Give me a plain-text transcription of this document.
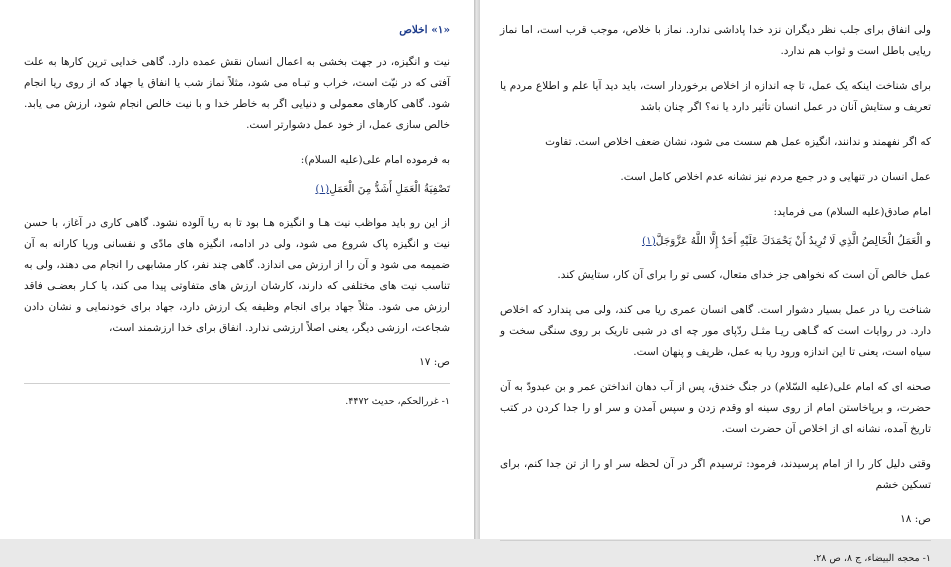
«۱» اخلاص

نیت و انگیزه، در جهت بخشی به اعمال انسان نقش عمده دارد. گاهی خدایی ترین کارها به علت آفتی که در نیّت است، خراب و تبـاه می شود، مثلاً نماز شب یا انفاق یا جهاد که از روی ریا انجام شود. گاهی کارهای معمولی و دنیایی اگر به خاطر خدا و با نیت خالص انجام شود، ارزش می یابد. خالص سازی عمل، از خود عمل دشوارتر است.

به فرموده امام علی(علیه السلام):

تَصْفِيَةُ الْعَمَلِ أَشَدُّ مِنَ الْعَمَلِ(۱)

از این رو باید مواظب نیت هـا و انگیزه هـا بود تا به ریا آلوده نشود. گاهی کاری در آغاز، با حسن نیت و انگیزه پاک شروع می شود، ولی در ادامه، انگیزه های مادّی و نفسانی وریا کارانه به آن ضمیمه می شود و آن را از ارزش می اندازد. گاهی چند نفر، کار مشابهی را انجام می دهند، ولی به تناسب نیت های مختلفی که دارند، کارشان ارزش های متفاوتی پیدا می کند، یا کـار بعضـی فاقد ارزش می شود. مثلاً جهاد برای انجام وظیفه یک ارزش دارد، جهاد برای خودنمایی و نشان دادن شجاعت، ارزشی دیگر، یعنی اصلاً ارزشی ندارد. انفاق برای خدا ارزشمند است،

ص: ۱۷
۱- غررالحکم، حدیث ۴۴۷۲.

ولی انفاق برای جلب نظر دیگران نزد خدا پاداشی ندارد. نماز با خلاص، موجب قرب است، اما نماز ریایی باطل است و ثواب هم ندارد.

برای شناخت اینکه یک عمل، تا چه اندازه از اخلاص برخوردار است، باید دید آیا علم و اطلاع مردم یا تعریف و ستایش آنان در عمل انسان تأثیر دارد یا نه؟ اگر چنان باشد

که اگر نفهمند و ندانند، انگیزه عمل هم سست می شود، نشان ضعف اخلاص است. تفاوت

عمل انسان در تنهایی و در جمع مردم نیز نشانه عدم اخلاص کامل است.

امام صادق(علیه السلام) می فرماید:

و الْعَمَلُ الْخَالِصُ الَّذِي لَا تُرِيدُ أَنْ يَحْمَدَكَ عَلَيْهِ أَحَدٌ إِلَّا اللَّهُ عَزَّوَجَلَّ(۱)

عمل خالص آن است که نخواهی جز خدای متعال، کسی تو را برای آن کار، ستایش کند.

شناخت ریا در عمل بسیار دشوار است. گاهی انسان عمری ریا می کند، ولی می پندارد که اخلاص دارد. در روایات است که گـاهی ریـا مثـل ردّپای مور چه ای در شبی تاریک بر روی سنگی سخت و سیاه است، یعنی تا این اندازه ورود ریا به عمل، ظریف و پنهان است.

صحنه ای که امام علی(علیه السّلام) در جنگ خندق، پس از آب دهان انداختن عمر و بن عبدودّ به آن حضرت، و برپاخاستن امام از روی سینه او وقدم زدن و سپس آمدن و سر او را جدا کردن در کتب تاریخ آمده، نشانه ای از اخلاص آن حضرت است.

وقتی دلیل کار را از امام پرسیدند، فرمود: ترسیدم اگر در آن لحظه سر او را از تن جدا کنم، برای تسکین خشم

ص: ۱۸
۱- محجه البیضاء، ج ۸، ص ۲۸.
